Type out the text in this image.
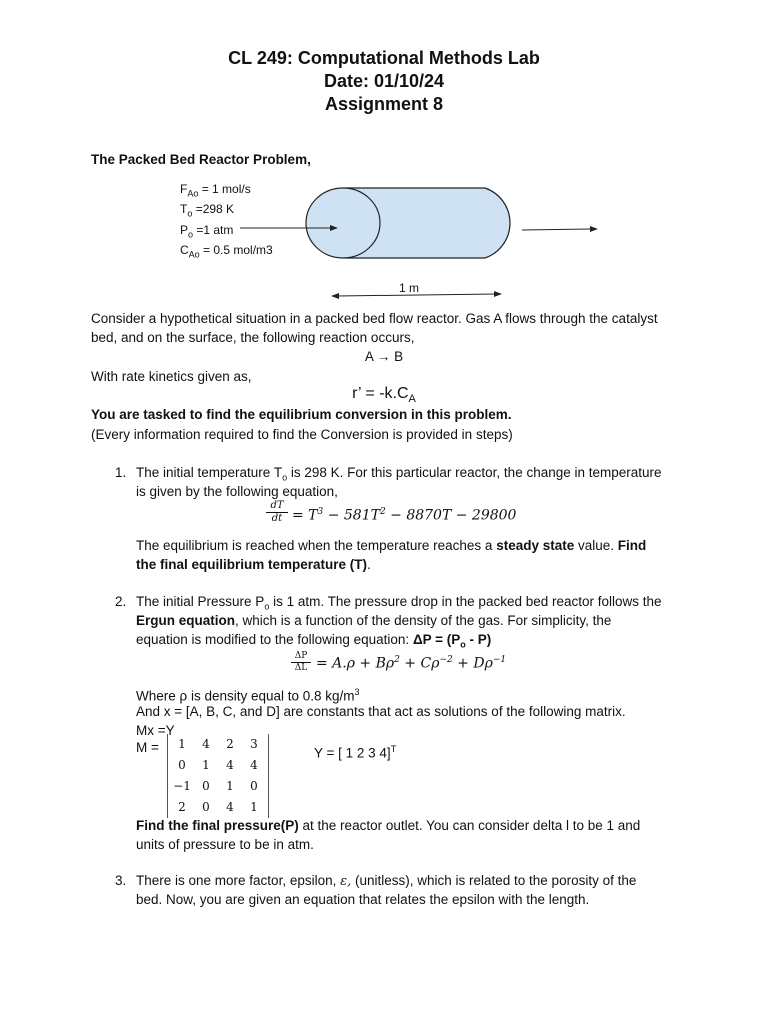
CL 249: Computational Methods Lab
Date: 01/10/24
Assignment 8
The Packed Bed Reactor Problem,
$F_{Ao} = 1$ mol/s
$T_o =298$ K
$P_o =1$ atm
$C_{Ao} = 0.5$ mol/m3
1 m
Consider a hypothetical situation in a packed bed flow reactor. Gas A flows through the catalyst
bed, and on the surface, the following reaction occurs,
A → B
With rate kinetics given as,
r’ = $-k.C_A$
You are tasked to find the equilibrium conversion in this problem.
(Every information required to find the Conversion is provided in steps)
1. The initial temperature $T_o$ is 298 K. For this particular reactor, the change in temperature
is given by the following equation,
dT
dt = $T^3 - 581T^2 - 8870T - 29800$
The equilibrium is reached when the temperature reaches a steady state value. Find
the final equilibrium temperature (T).
2. The initial Pressure $P_o$ is 1 atm. The pressure drop in the packed bed reactor follows the
Ergun equation, which is a function of the density of the gas. For simplicity, the
equation is modified to the following equation: $\Delta P = (P_o - P)$
ΔP
$\Delta L = A.\rho + B\rho^2 + C\rho^{-2} + D\rho^{-1}$
Where ρ is density equal to 0.8 $kg/m^3$
And x = [A, B, C, and D] are constants that act as solutions of the following matrix.
Mx =Y
M =	1 4 2 3
0 1 4 4
−1 0 1 0
2 0 4 1
Y = [ 1 2 3 4]$^T$
Find the final pressure(P) at the reactor outlet. You can consider delta l to be 1 and
units of pressure to be in atm.
3. There is one more factor, epsilon, ε, (unitless), which is related to the porosity of the
bed. Now, you are given an equation that relates the epsilon with the length.
